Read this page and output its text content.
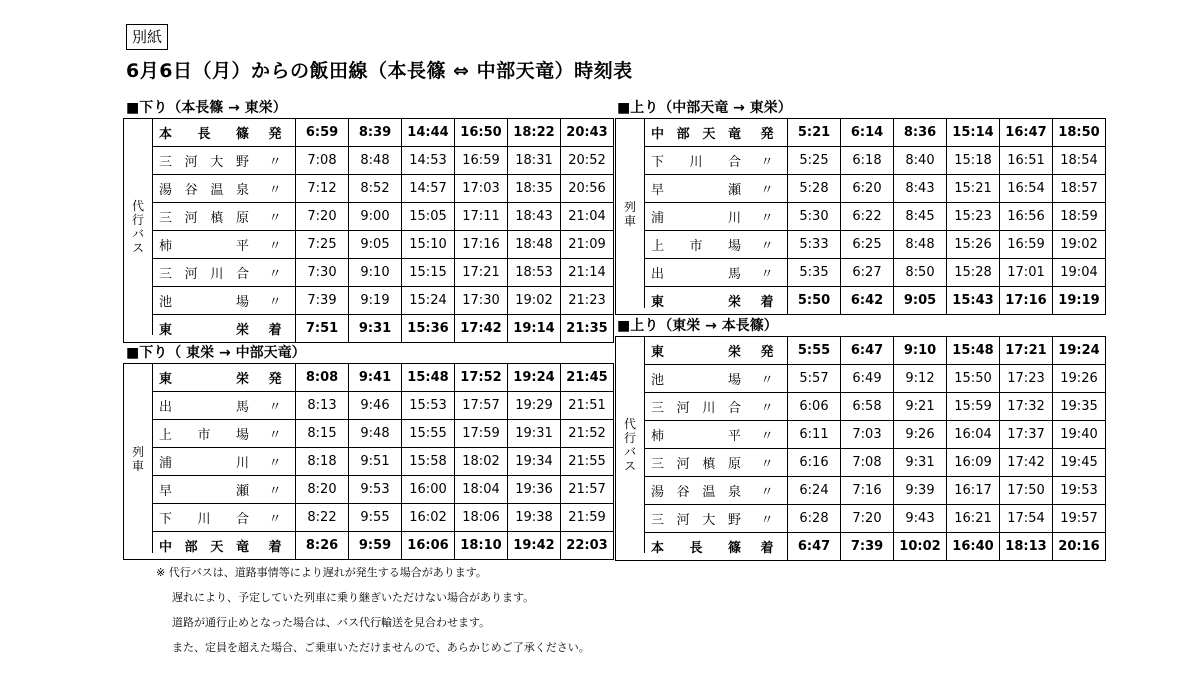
別紙
6月6日（月）からの飯田線（本長篠 ⇔ 中部天竜）時刻表
■下り（本長篠 → 東栄）
代行バス
本長篠	発	6:59	8:39	14:44	16:50	18:22	20:43
三河大野	〃	7:08	8:48	14:53	16:59	18:31	20:52
湯谷温泉	〃	7:12	8:52	14:57	17:03	18:35	20:56
三河槙原	〃	7:20	9:00	15:05	17:11	18:43	21:04
柿平	〃	7:25	9:05	15:10	17:16	18:48	21:09
三河川合	〃	7:30	9:10	15:15	17:21	18:53	21:14
池場	〃	7:39	9:19	15:24	17:30	19:02	21:23
東栄	着	7:51	9:31	15:36	17:42	19:14	21:35
■下り（ 東栄 → 中部天竜）
列車
東栄	発	8:08	9:41	15:48	17:52	19:24	21:45
出馬	〃	8:13	9:46	15:53	17:57	19:29	21:51
上市場	〃	8:15	9:48	15:55	17:59	19:31	21:52
浦川	〃	8:18	9:51	15:58	18:02	19:34	21:55
早瀬	〃	8:20	9:53	16:00	18:04	19:36	21:57
下川合	〃	8:22	9:55	16:02	18:06	19:38	21:59
中部天竜	着	8:26	9:59	16:06	18:10	19:42	22:03
■上り（中部天竜 → 東栄）
列車
中部天竜	発	5:21	6:14	8:36	15:14	16:47	18:50
下川合	〃	5:25	6:18	8:40	15:18	16:51	18:54
早瀬	〃	5:28	6:20	8:43	15:21	16:54	18:57
浦川	〃	5:30	6:22	8:45	15:23	16:56	18:59
上市場	〃	5:33	6:25	8:48	15:26	16:59	19:02
出馬	〃	5:35	6:27	8:50	15:28	17:01	19:04
東栄	着	5:50	6:42	9:05	15:43	17:16	19:19
■上り（東栄 → 本長篠）
代行バス
東栄	発	5:55	6:47	9:10	15:48	17:21	19:24
池場	〃	5:57	6:49	9:12	15:50	17:23	19:26
三河川合	〃	6:06	6:58	9:21	15:59	17:32	19:35
柿平	〃	6:11	7:03	9:26	16:04	17:37	19:40
三河槙原	〃	6:16	7:08	9:31	16:09	17:42	19:45
湯谷温泉	〃	6:24	7:16	9:39	16:17	17:50	19:53
三河大野	〃	6:28	7:20	9:43	16:21	17:54	19:57
本長篠	着	6:47	7:39	10:02	16:40	18:13	20:16
※ 代行バスは、道路事情等により遅れが発生する場合があります。
遅れにより、予定していた列車に乗り継ぎいただけない場合があります。
道路が通行止めとなった場合は、バス代行輸送を見合わせます。
また、定員を超えた場合、ご乗車いただけませんので、あらかじめご了承ください。
